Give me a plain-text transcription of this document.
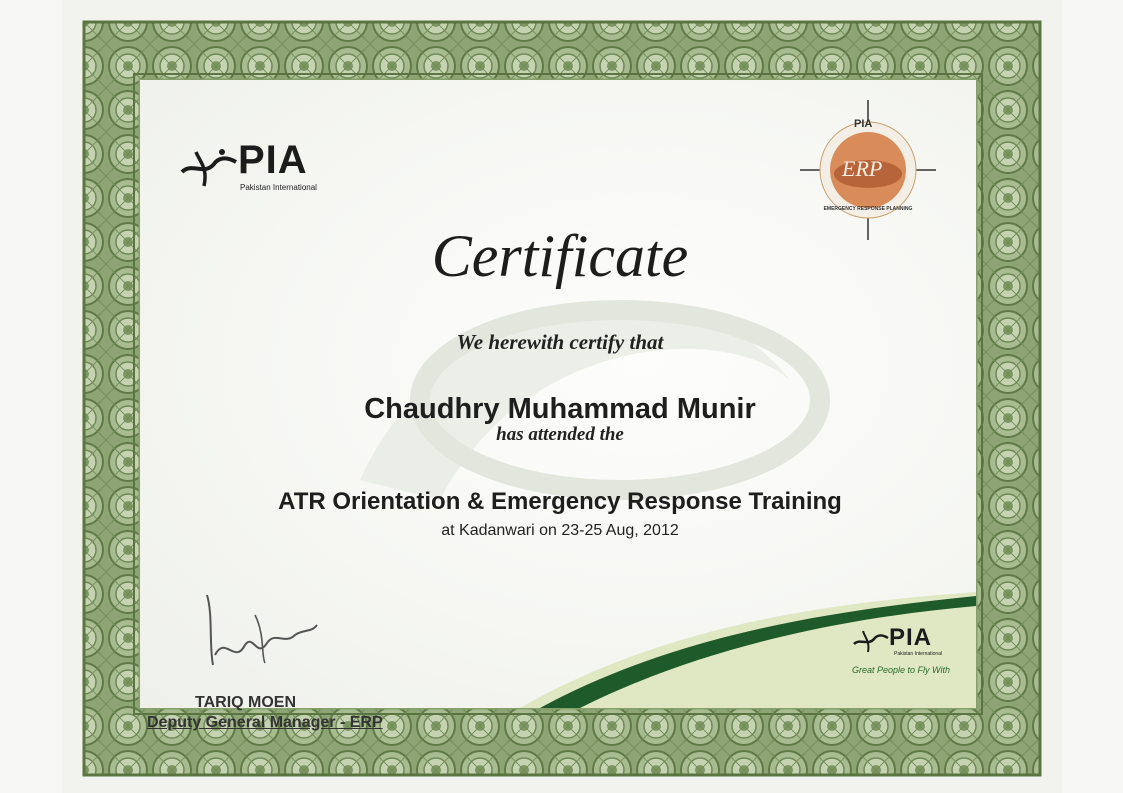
PIA
Pakistan International
PIA
ERP
EMERGENCY RESPONSE PLANNING
Certificate
We herewith certify that
Chaudhry Muhammad Munir
has attended the
ATR Orientation & Emergency Response Training
at Kadanwari on 23-25 Aug, 2012
TARIQ MOEN
Deputy General Manager - ERP
PIA
Pakistan International
Great People to Fly With
